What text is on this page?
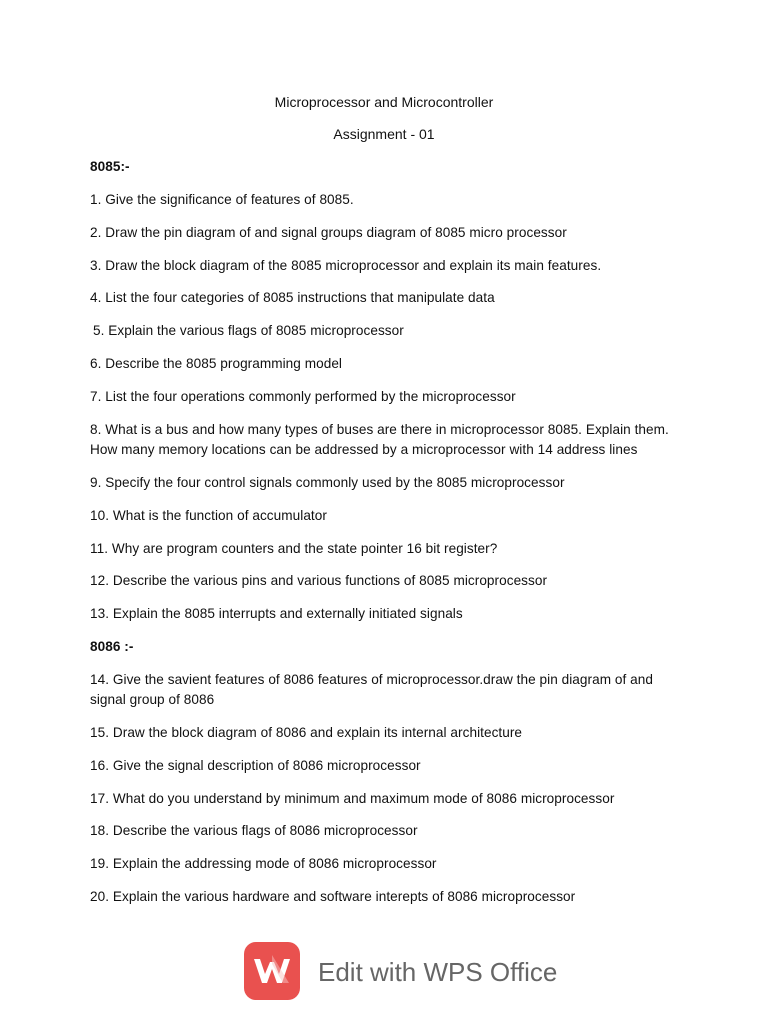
Microprocessor and Microcontroller
Assignment - 01
8085:-
1. Give the significance of features of 8085.
2. Draw the pin diagram of and signal groups diagram of 8085 micro processor
3. Draw the block diagram of the 8085 microprocessor and explain its main features.
4. List the four categories of 8085 instructions that manipulate data
5. Explain the various flags of 8085 microprocessor
6. Describe the 8085 programming model
7. List the four operations commonly performed by the microprocessor
8. What is a bus and how many types of buses are there in microprocessor 8085. Explain them. How many memory locations can be addressed by a microprocessor with 14 address lines
9. Specify the four control signals commonly used by the 8085 microprocessor
10. What is the function of accumulator
11. Why are program counters and the state pointer 16 bit register?
12. Describe the various pins and various functions of 8085 microprocessor
13. Explain the 8085 interrupts and externally initiated signals
8086 :-
14. Give the savient features of 8086 features of microprocessor.draw the pin diagram of and signal group of 8086
15. Draw the block diagram of 8086 and explain its internal architecture
16. Give the signal description of 8086 microprocessor
17. What do you understand by minimum and maximum mode of 8086 microprocessor
18. Describe the various flags of 8086 microprocessor
19. Explain the addressing mode of 8086 microprocessor
20. Explain the various hardware and software interepts of 8086 microprocessor
Edit with WPS Office
